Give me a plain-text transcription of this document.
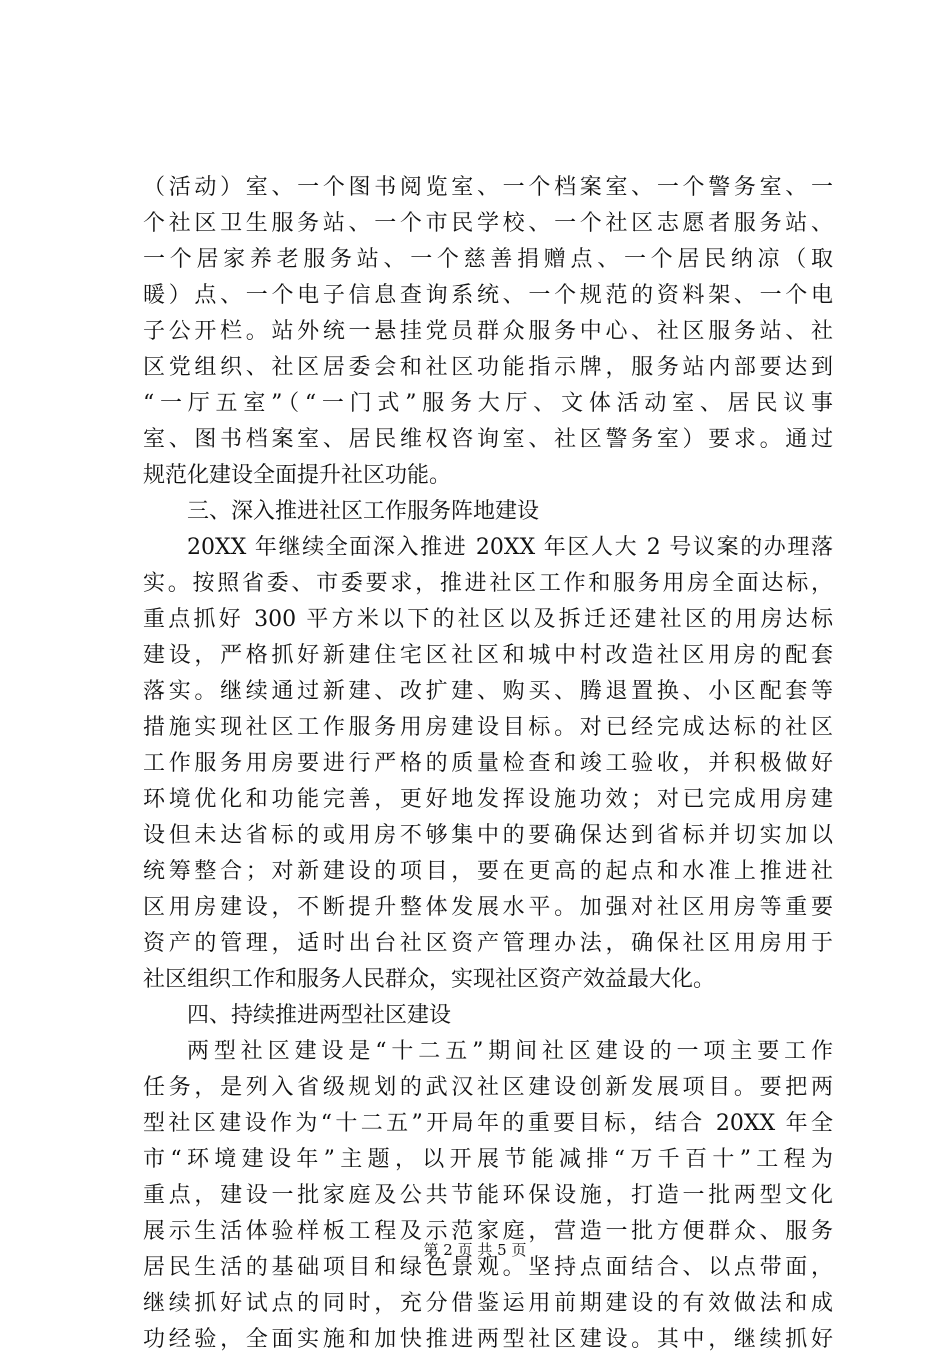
（活动）室、一个图书阅览室、一个档案室、一个警务室、一
个社区卫生服务站、一个市民学校、一个社区志愿者服务站、
一个居家养老服务站、一个慈善捐赠点、一个居民纳凉（取
暖）点、一个电子信息查询系统、一个规范的资料架、一个电
子公开栏。站外统一悬挂党员群众服务中心、社区服务站、社
区党组织、社区居委会和社区功能指示牌，服务站内部要达到
“一厅五室”（“一门式”服务大厅、文体活动室、居民议事
室、图书档案室、居民维权咨询室、社区警务室）要求。通过
规范化建设全面提升社区功能。
三、深入推进社区工作服务阵地建设
20XX 年继续全面深入推进 20XX 年区人大 2 号议案的办理落
实。按照省委、市委要求，推进社区工作和服务用房全面达标，
重点抓好 300 平方米以下的社区以及拆迁还建社区的用房达标
建设，严格抓好新建住宅区社区和城中村改造社区用房的配套
落实。继续通过新建、改扩建、购买、腾退置换、小区配套等
措施实现社区工作服务用房建设目标。对已经完成达标的社区
工作服务用房要进行严格的质量检查和竣工验收，并积极做好
环境优化和功能完善，更好地发挥设施功效；对已完成用房建
设但未达省标的或用房不够集中的要确保达到省标并切实加以
统筹整合；对新建设的项目，要在更高的起点和水准上推进社
区用房建设，不断提升整体发展水平。加强对社区用房等重要
资产的管理，适时出台社区资产管理办法，确保社区用房用于
社区组织工作和服务人民群众，实现社区资产效益最大化。
四、持续推进两型社区建设
两型社区建设是“十二五”期间社区建设的一项主要工作
任务，是列入省级规划的武汉社区建设创新发展项目。要把两
型社区建设作为“十二五”开局年的重要目标，结合 20XX 年全
市“环境建设年”主题，以开展节能减排“万千百十”工程为
重点，建设一批家庭及公共节能环保设施，打造一批两型文化
展示生活体验样板工程及示范家庭，营造一批方便群众、服务
居民生活的基础项目和绿色景观。坚持点面结合、以点带面，
继续抓好试点的同时，充分借鉴运用前期建设的有效做法和成
功经验，全面实施和加快推进两型社区建设。其中，继续抓好
第 2 页 共 5 页
